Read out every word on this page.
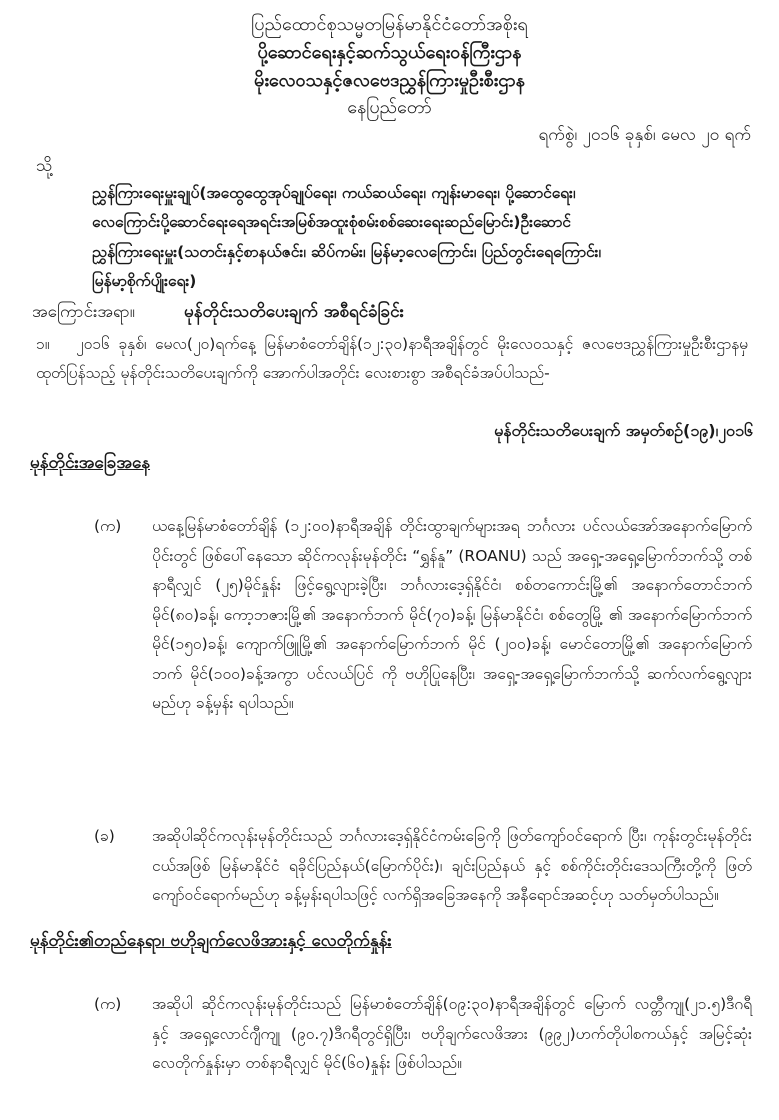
ပြည်ထောင်စုသမ္မတမြန်မာနိုင်ငံတော်အစိုးရ
ပို့ဆောင်ရေးနှင့်ဆက်သွယ်ရေးဝန်ကြီးဌာန
မိုးလေဝသနှင့်ဇလဗေဒညွှန်ကြားမှုဦးစီးဌာန
နေပြည်တော်
ရက်စွဲ၊ ၂၀၁၆ ခုနှစ်၊ မေလ ၂၀ ရက်
သို့
ညွှန်ကြားရေးမှူးချုပ်(အထွေထွေအုပ်ချုပ်ရေး၊ ကယ်ဆယ်ရေး၊ ကျန်းမာရေး၊ ပို့ဆောင်ရေး၊
လေကြောင်းပို့ဆောင်ရေးရေအရင်းအမြစ်အထူးစုံစမ်းစစ်ဆေးရေးဆည်မြောင်း)ဦးဆောင်
ညွှန်ကြားရေးမှူး(သတင်းနှင့်စာနယ်ဇင်း၊ ဆိပ်ကမ်း၊ မြန်မာ့လေကြောင်း၊ ပြည်တွင်းရေကြောင်း၊
မြန်မာ့စိုက်ပျိုးရေး)
အကြောင်းအရာ။	မုန်တိုင်းသတိပေးချက် အစီရင်ခံခြင်း
၁။	၂၀၁၆ ခုနှစ်၊ မေလ(၂၀)ရက်နေ့ မြန်မာစံတော်ချိန်(၁၂:၃၀)နာရီအချိန်တွင် မိုးလေဝသနှင့် ဇလဗေဒညွှန်ကြားမှုဦးစီးဌာနမှ ထုတ်ပြန်သည့် မုန်တိုင်းသတိပေးချက်ကို အောက်ပါအတိုင်း လေးစားစွာ အစီရင်ခံအပ်ပါသည်-
မုန်တိုင်းသတိပေးချက် အမှတ်စဥ်(၁၉)၊၂၀၁၆
မုန်တိုင်းအခြေအနေ
(က)	ယနေ့မြန်မာစံတော်ချိန် (၁၂:၀၀)နာရီအချိန် တိုင်းထွာချက်များအရ ဘင်္ဂလား ပင်လယ်အော်အနောက်မြောက်ပိုင်းတွင် ဖြစ်ပေါ်နေသော ဆိုင်ကလုန်းမုန်တိုင်း “ရွှန်နူ” (ROANU) သည် အရှေ့-အရှေ့မြောက်ဘက်သို့ တစ်နာရီလျှင် (၂၅)မိုင်နှုန်း ဖြင့်ရွေ့လျားခဲ့ပြီး၊ ဘင်္ဂလားဒေ့ရှ်နိုင်ငံ၊ စစ်တကောင်းမြို့၏ အနောက်တောင်ဘက် မိုင်(၈၀)ခန့်၊ ကော့ဘဇားမြို့၏ အနောက်ဘက် မိုင်(၇၀)ခန့်၊ မြန်မာနိုင်ငံ၊ စစ်တွေမြို့ ၏ အနောက်မြောက်ဘက် မိုင်(၁၅၀)ခန့်၊ ကျောက်ဖြူမြို့၏ အနောက်မြောက်ဘက် မိုင် (၂၀၀)ခန့်၊ မောင်တောမြို့၏ အနောက်မြောက်ဘက် မိုင်(၁၀၀)ခန့်အကွာ ပင်လယ်ပြင် ကို ဗဟိုပြုနေပြီး၊ အရှေ့-အရှေ့မြောက်ဘက်သို့ ဆက်လက်ရွေ့လျားမည်ဟု ခန့်မှန်း ရပါသည်။
(ခ)	အဆိုပါဆိုင်ကလုန်းမုန်တိုင်းသည် ဘင်္ဂလားဒေ့ရှ်နိုင်ငံကမ်းခြေကို ဖြတ်ကျော်ဝင်ရောက် ပြီး၊ ကုန်းတွင်းမုန်တိုင်းငယ်အဖြစ် မြန်မာနိုင်ငံ ရခိုင်ပြည်နယ်(မြောက်ပိုင်း)၊ ချင်းပြည်နယ် နှင့် စစ်ကိုင်းတိုင်းဒေသကြီးတို့ကို ဖြတ်ကျော်ဝင်ရောက်မည်ဟု ခန့်မှန်းရပါသဖြင့် လက်ရှိအခြေအနေကို အနီရောင်အဆင့်ဟု သတ်မှတ်ပါသည်။
မုန်တိုင်း၏တည်နေရာ၊ ဗဟိုချက်လေဖိအားနှင့် လေတိုက်နှုန်း
(က)	အဆိုပါ ဆိုင်ကလုန်းမုန်တိုင်းသည် မြန်မာစံတော်ချိန်(၀၉:၃၀)နာရီအချိန်တွင် မြောက် လတ္တီကျု(၂၁.၅)ဒီဂရီနှင့် အရှေ့လောင်ဂျီကျု (၉၀.၇)ဒီဂရီတွင်ရှိပြီး၊ ဗဟိုချက်လေဖိအား (၉၉၂)ဟက်တိုပါစကယ်နှင့် အမြင့်ဆုံးလေတိုက်နှုန်းမှာ တစ်နာရီလျှင် မိုင်(၆၀)နှုန်း ဖြစ်ပါသည်။
